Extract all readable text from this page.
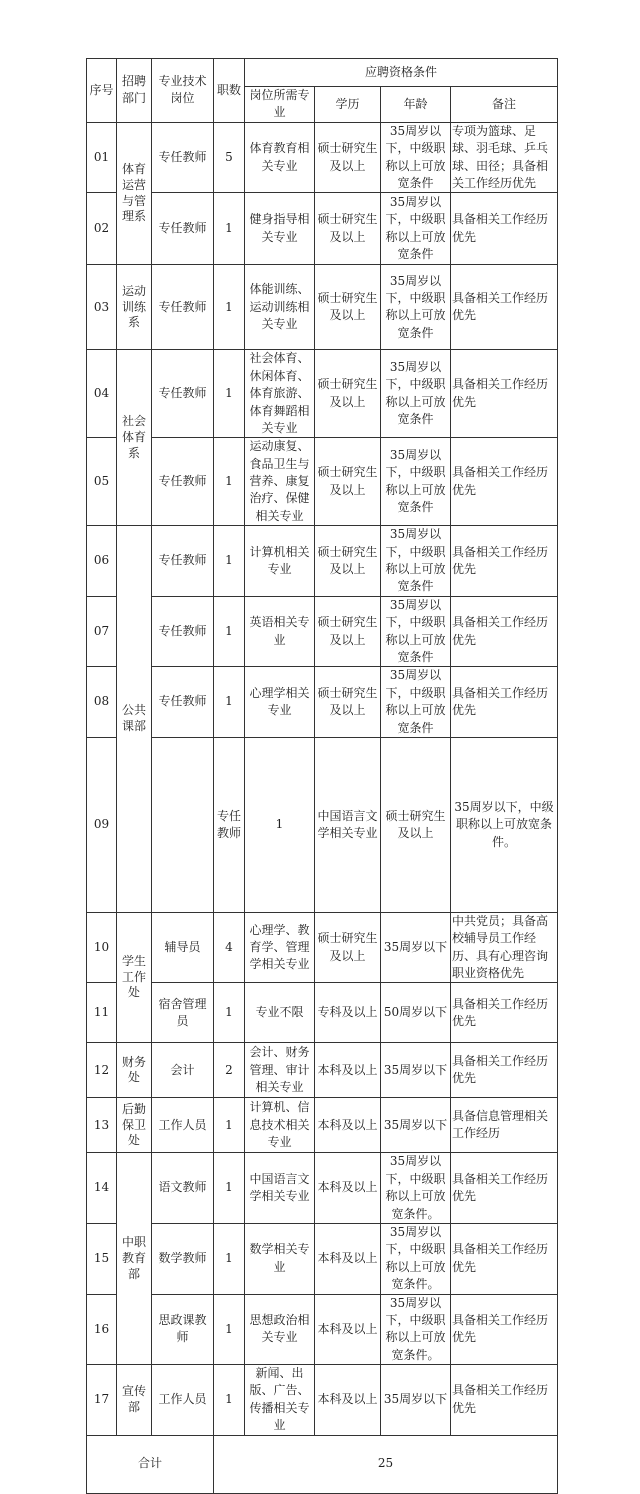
序号	招聘部门	专业技术岗位	职数	应聘资格条件				
				岗位所需专业	学历	年龄	备注	
01	体育运营与管理系	专任教师	5	体育教育相关专业	硕士研究生及以上	35周岁以下，中级职称以上可放宽条件	专项为篮球、足球、羽毛球、乒乓球、田径；具备相关工作经历优先	
02		专任教师	1	健身指导相关专业	硕士研究生及以上	35周岁以下，中级职称以上可放宽条件	具备相关工作经历优先	
03	运动训练系	专任教师	1	体能训练、运动训练相关专业	硕士研究生及以上	35周岁以下，中级职称以上可放宽条件	具备相关工作经历优先	
04	社会体育系	专任教师	1	社会体育、休闲体育、体育旅游、体育舞蹈相关专业	硕士研究生及以上	35周岁以下，中级职称以上可放宽条件	具备相关工作经历优先	
05		专任教师	1	运动康复、食品卫生与营养、康复治疗、保健相关专业	硕士研究生及以上	35周岁以下，中级职称以上可放宽条件	具备相关工作经历优先	
06	公共课部	专任教师	1	计算机相关专业	硕士研究生及以上	35周岁以下，中级职称以上可放宽条件	具备相关工作经历优先	
07		专任教师	1	英语相关专业	硕士研究生及以上	35周岁以下，中级职称以上可放宽条件	具备相关工作经历优先	
08		专任教师	1	心理学相关专业	硕士研究生及以上	35周岁以下，中级职称以上可放宽条件	具备相关工作经历优先	
09			专任教师	1	中国语言文学相关专业	硕士研究生及以上	35周岁以下，中级职称以上可放宽条件。	
10	学生工作处	辅导员	4	心理学、教育学、管理学相关专业	硕士研究生及以上	35周岁以下	中共党员；具备高校辅导员工作经历、具有心理咨询职业资格优先	
11		宿舍管理员	1	专业不限	专科及以上	50周岁以下	具备相关工作经历优先	
12	财务处	会计	2	会计、财务管理、审计相关专业	本科及以上	35周岁以下	具备相关工作经历优先	
13	后勤保卫处	工作人员	1	计算机、信息技术相关专业	本科及以上	35周岁以下	具备信息管理相关工作经历	
14	中职教育部	语文教师	1	中国语言文学相关专业	本科及以上	35周岁以下，中级职称以上可放宽条件。	具备相关工作经历优先	
15		数学教师	1	数学相关专业	本科及以上	35周岁以下，中级职称以上可放宽条件。	具备相关工作经历优先	
16		思政课教师	1	思想政治相关专业	本科及以上	35周岁以下，中级职称以上可放宽条件。	具备相关工作经历优先	
17	宣传部	工作人员	1	新闻、出版、广告、传播相关专业	本科及以上	35周岁以下	具备相关工作经历优先	
合计			25					
